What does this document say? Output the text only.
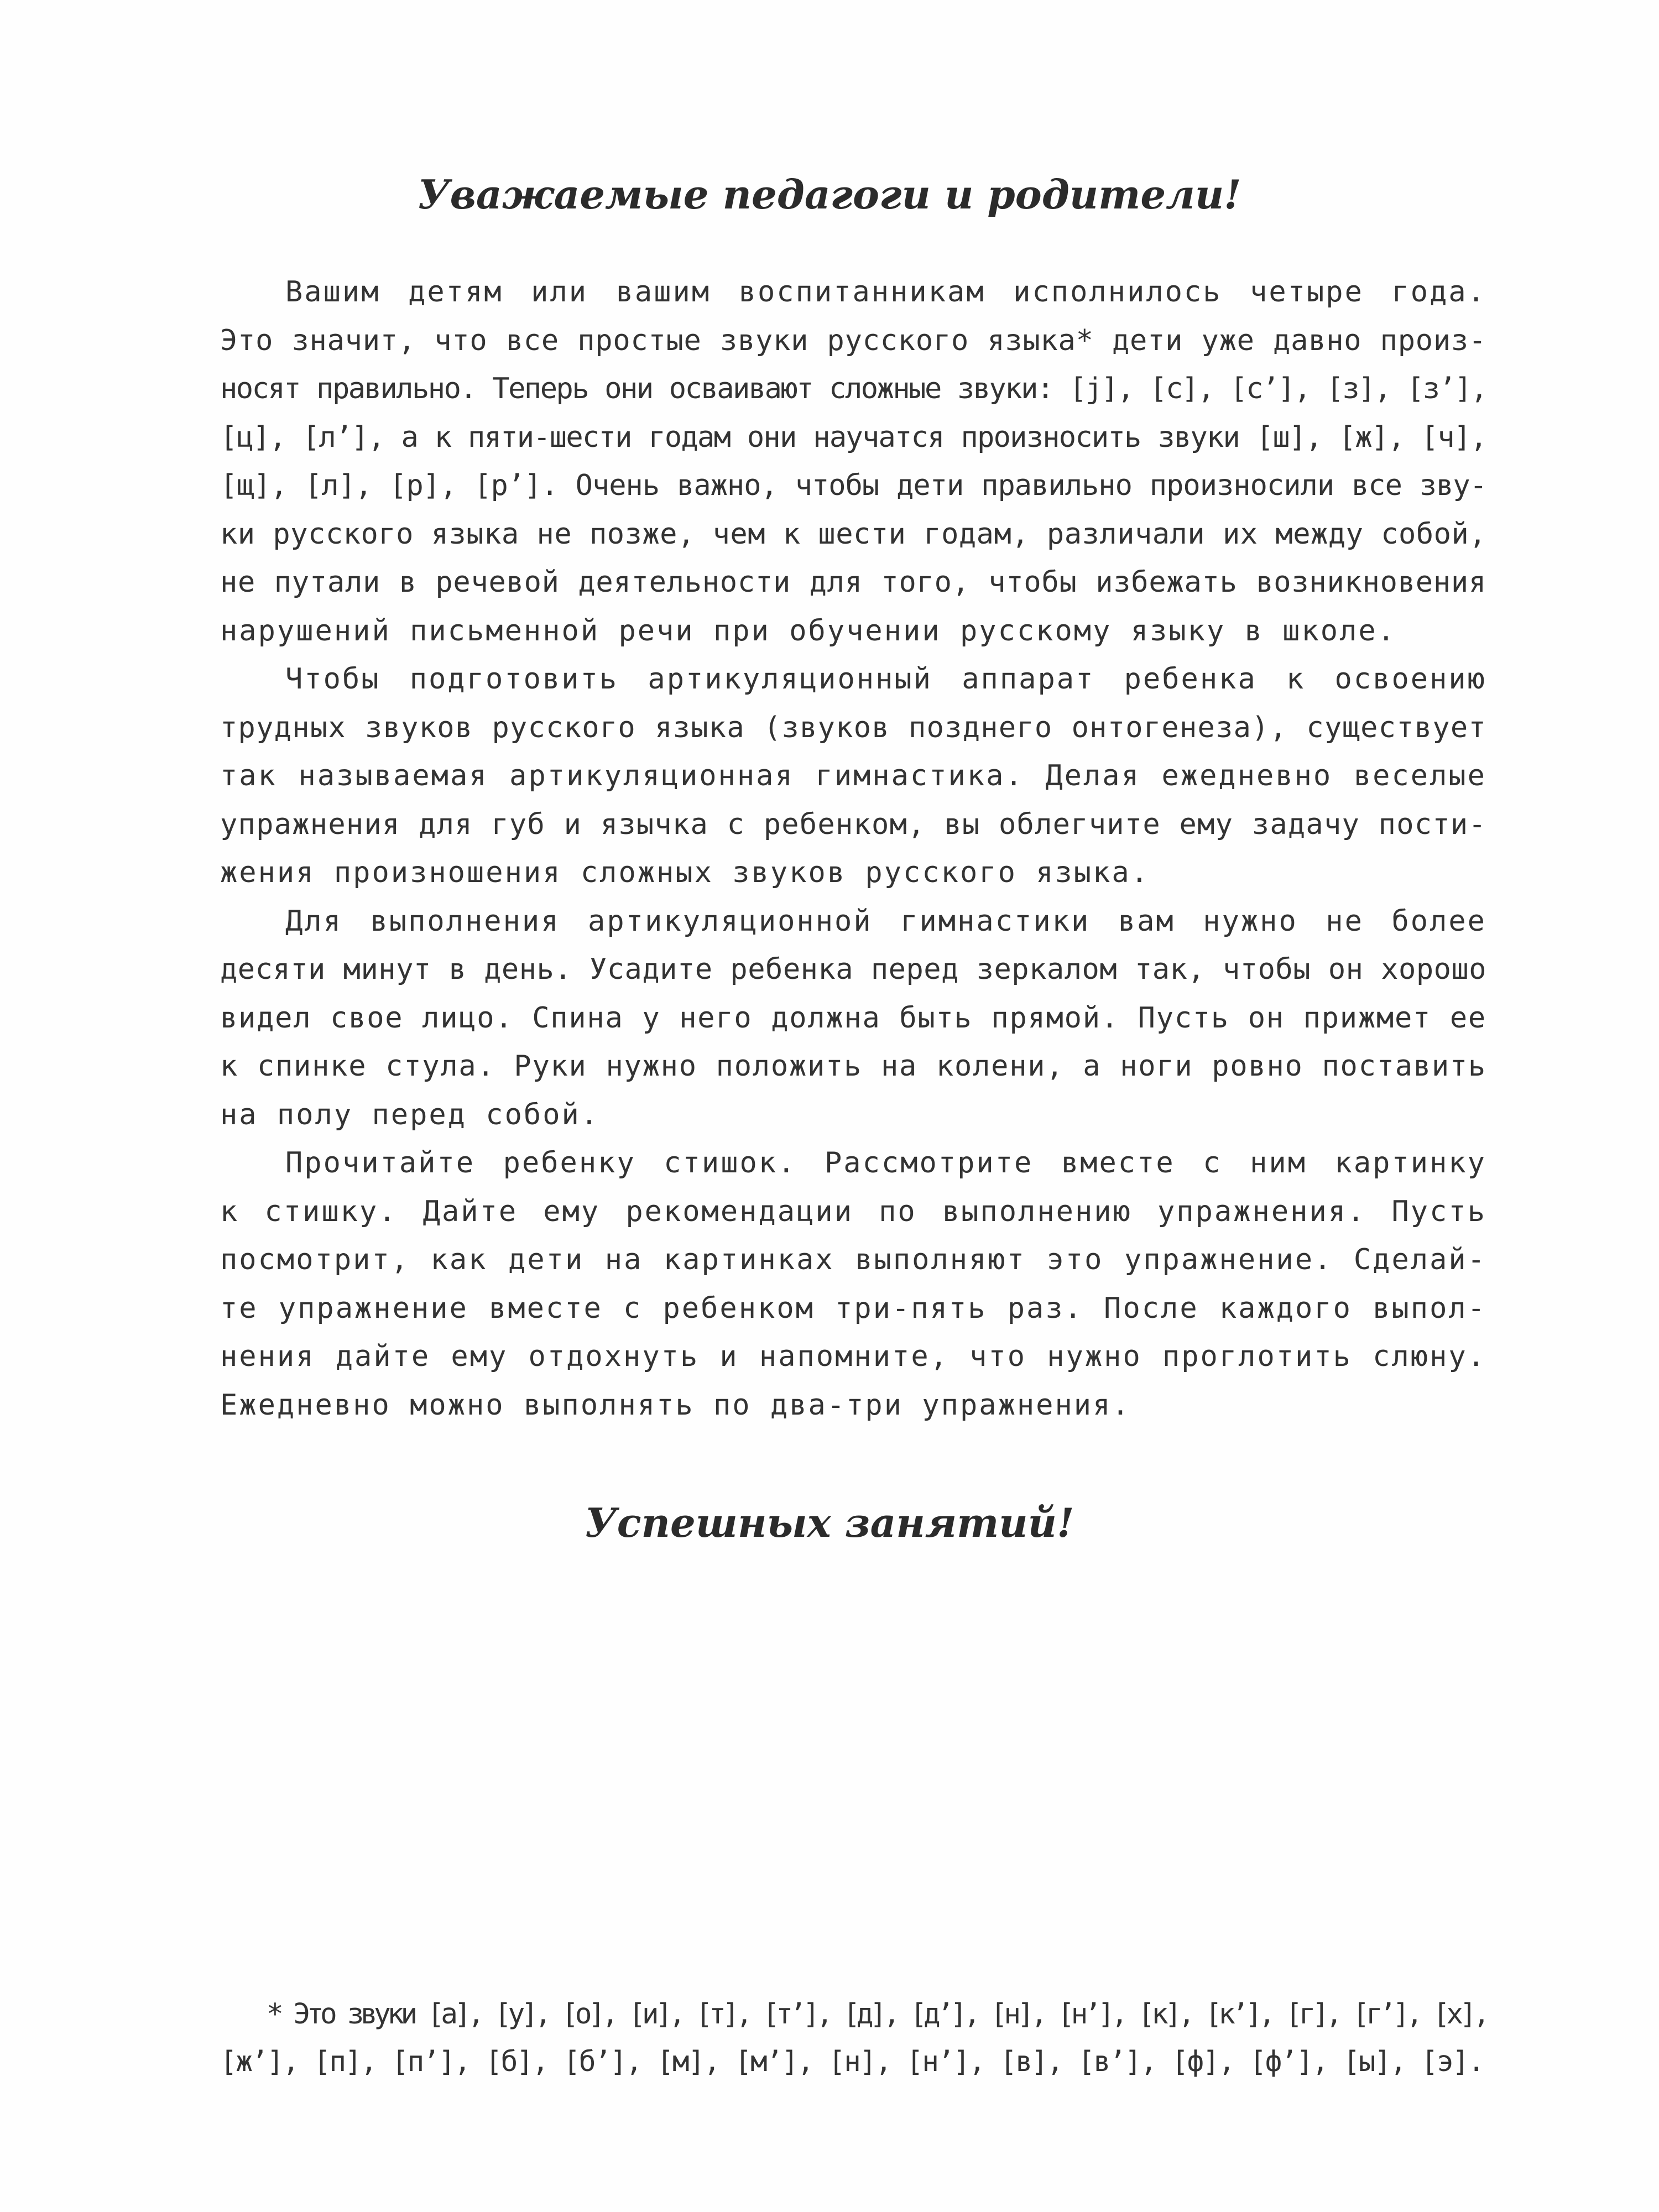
Уважаемые педагоги и родители!

Вашим детям или вашим воспитанникам исполнилось четыре года.
Это значит, что все простые звуки русского языка* дети уже давно произ-
носят правильно. Теперь они осваивают сложные звуки: [j], [с], [с’], [з], [з’],
[ц], [л’], а к пяти-шести годам они научатся произносить звуки [ш], [ж], [ч],
[щ], [л], [р], [р’]. Очень важно, чтобы дети правильно произносили все зву-
ки русского языка не позже, чем к шести годам, различали их между собой,
не путали в речевой деятельности для того, чтобы избежать возникновения
нарушений письменной речи при обучении русскому языку в школе.

Чтобы подготовить артикуляционный аппарат ребенка к освоению
трудных звуков русского языка (звуков позднего онтогенеза), существует
так называемая артикуляционная гимнастика. Делая ежедневно веселые
упражнения для губ и язычка с ребенком, вы облегчите ему задачу пости-
жения произношения сложных звуков русского языка.

Для выполнения артикуляционной гимнастики вам нужно не более
десяти минут в день. Усадите ребенка перед зеркалом так, чтобы он хорошо
видел свое лицо. Спина у него должна быть прямой. Пусть он прижмет ее
к спинке стула. Руки нужно положить на колени, а ноги ровно поставить
на полу перед собой.

Прочитайте ребенку стишок. Рассмотрите вместе с ним картинку
к стишку. Дайте ему рекомендации по выполнению упражнения. Пусть
посмотрит, как дети на картинках выполняют это упражнение. Сделай-
те упражнение вместе с ребенком три-пять раз. После каждого выпол-
нения дайте ему отдохнуть и напомните, что нужно проглотить слюну.
Ежедневно можно выполнять по два-три упражнения.

Успешных занятий!
* Это звуки [а], [у], [о], [и], [т], [т’], [д], [д’], [н], [н’], [к], [к’], [г], [г’], [х],
[ж’], [п], [п’], [б], [б’], [м], [м’], [н], [н’], [в], [в’], [ф], [ф’], [ы], [э].
